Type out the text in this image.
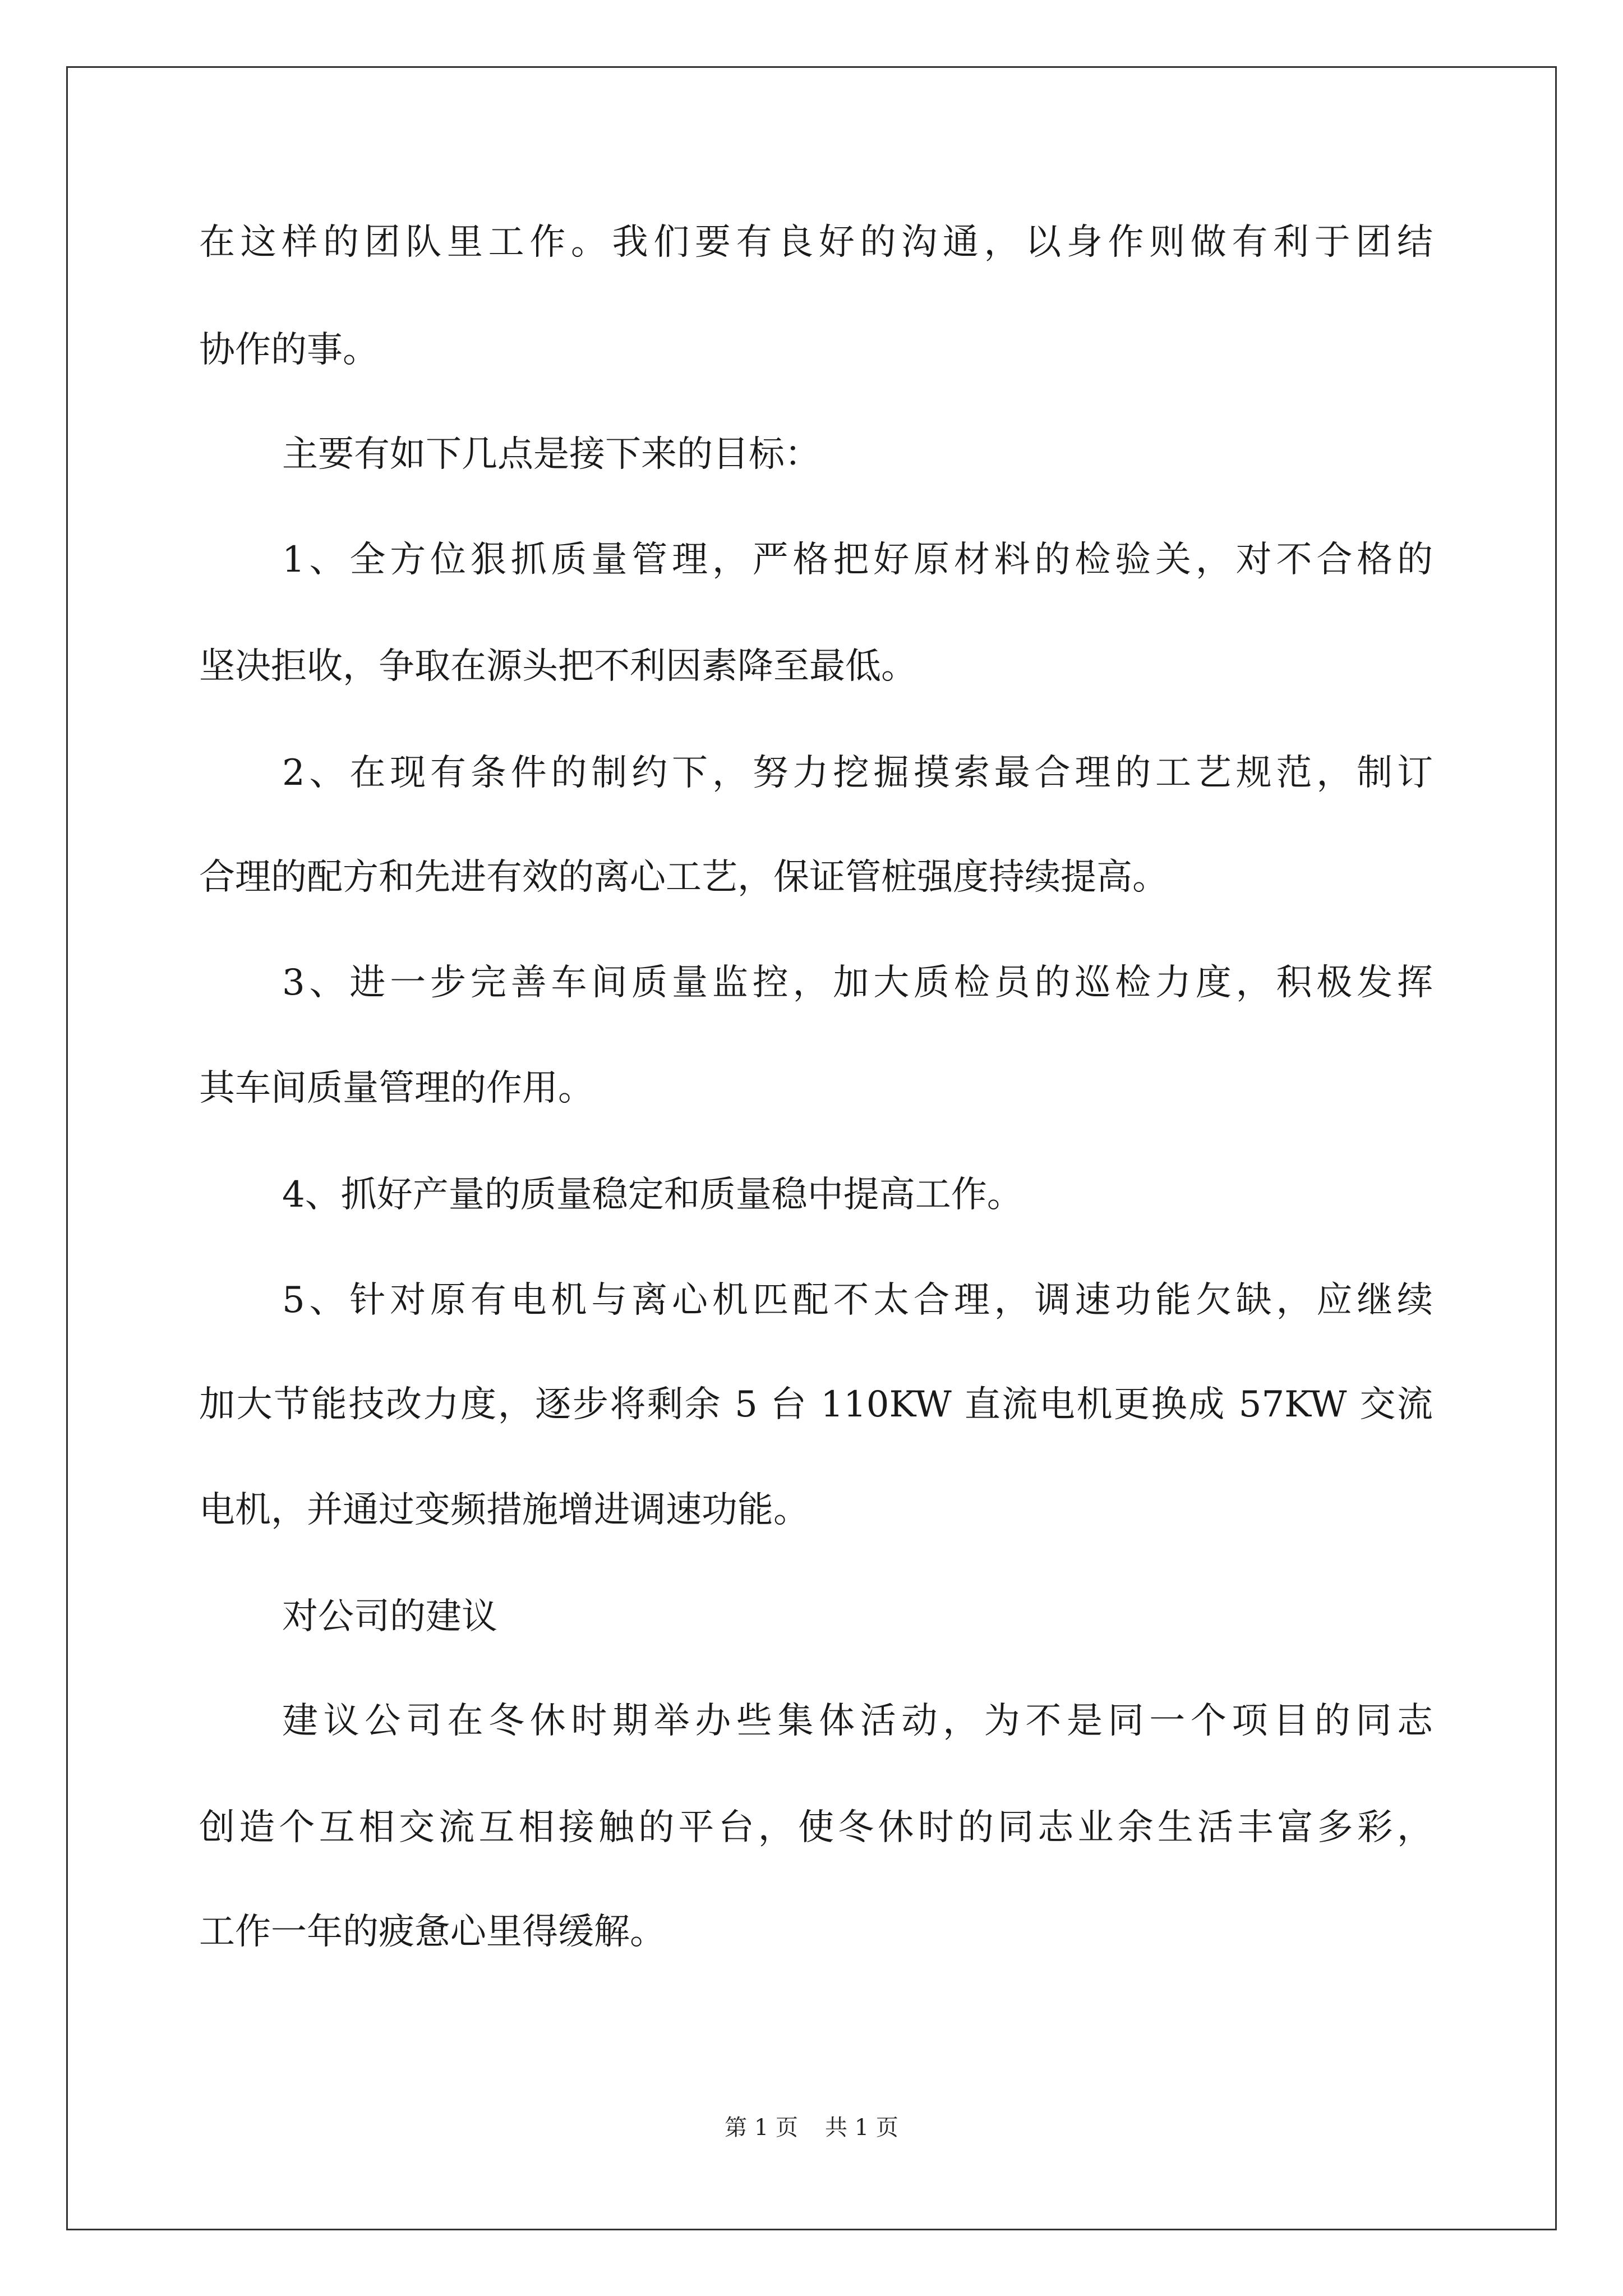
在这样的团队里工作。我们要有良好的沟通，以身作则做有利于团结
协作的事。
主要有如下几点是接下来的目标：
1、全方位狠抓质量管理，严格把好原材料的检验关，对不合格的
坚决拒收，争取在源头把不利因素降至最低。
2、在现有条件的制约下，努力挖掘摸索最合理的工艺规范，制订
合理的配方和先进有效的离心工艺，保证管桩强度持续提高。
3、进一步完善车间质量监控，加大质检员的巡检力度，积极发挥
其车间质量管理的作用。
4、抓好产量的质量稳定和质量稳中提高工作。
5、针对原有电机与离心机匹配不太合理，调速功能欠缺，应继续
加大节能技改力度，逐步将剩余 5 台 110KW 直流电机更换成 57KW 交流
电机，并通过变频措施增进调速功能。
对公司的建议
建议公司在冬休时期举办些集体活动，为不是同一个项目的同志
创造个互相交流互相接触的平台，使冬休时的同志业余生活丰富多彩，
工作一年的疲惫心里得缓解。
第 1 页 共 1 页
